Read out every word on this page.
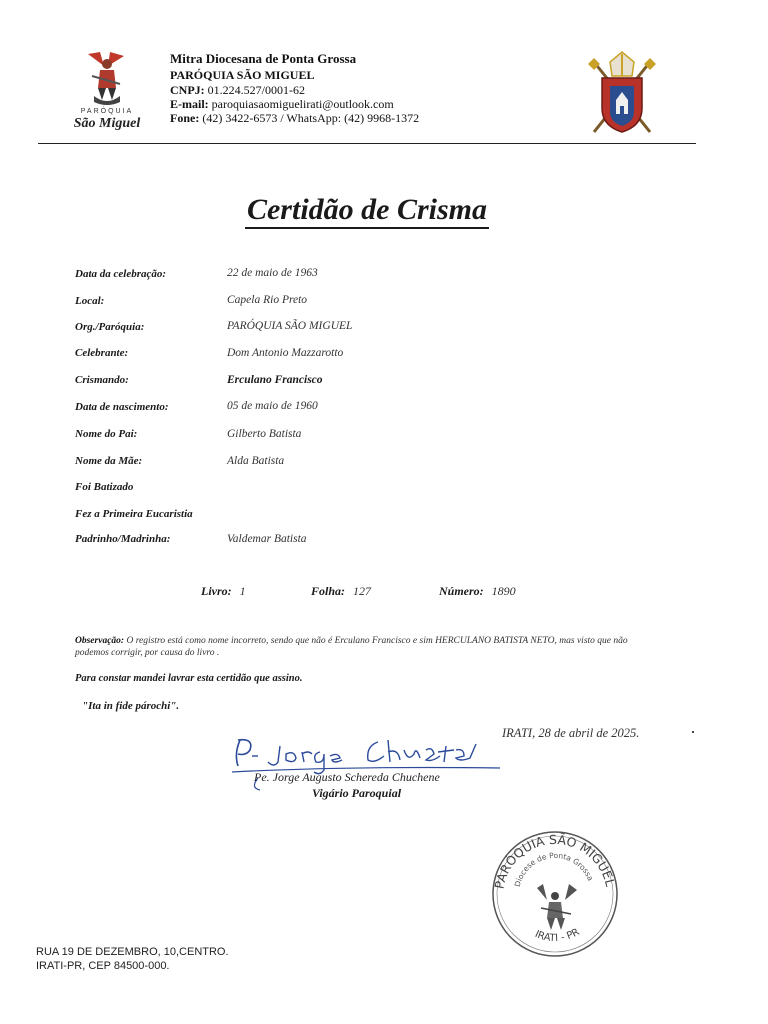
PARÓQUIA
São Miguel
Mitra Diocesana de Ponta Grossa
PARÓQUIA SÃO MIGUEL
CNPJ: 01.224.527/0001-62
E-mail: paroquiasaomiguelirati@outlook.com
Fone: (42) 3422-6573 / WhatsApp: (42) 9968-1372
Certidão de Crisma
Data da celebração:	22 de maio de 1963
Local:	Capela Rio Preto
Org./Paróquia:	PARÓQUIA SÃO MIGUEL
Celebrante:	Dom Antonio Mazzarotto
Crismando:	Erculano Francisco
Data de nascimento:	05 de maio de 1960
Nome do Pai:	Gilberto Batista
Nome da Mãe:	Alda Batista
Foi Batizado
Fez a Primeira Eucaristia
Padrinho/Madrinha:	Valdemar Batista
Livro: 1	Folha: 127	Número: 1890
Observação: O registro está como nome incorreto, sendo que não é Erculano Francisco e sim HERCULANO BATISTA NETO, mas visto que não podemos corrigir, por causa do livro .
Para constar mandei lavrar esta certidão que assino.
"Ita in fide párochi".
IRATI, 28 de abril de 2025.
Pe. Jorge Augusto Schereda Chuchene
Vigário Paroquial
PARÓQUIA SÃO MIGUEL
Diocese de Ponta Grossa
IRATI - PR
RUA 19 DE DEZEMBRO, 10,CENTRO.
IRATI-PR, CEP 84500-000.
